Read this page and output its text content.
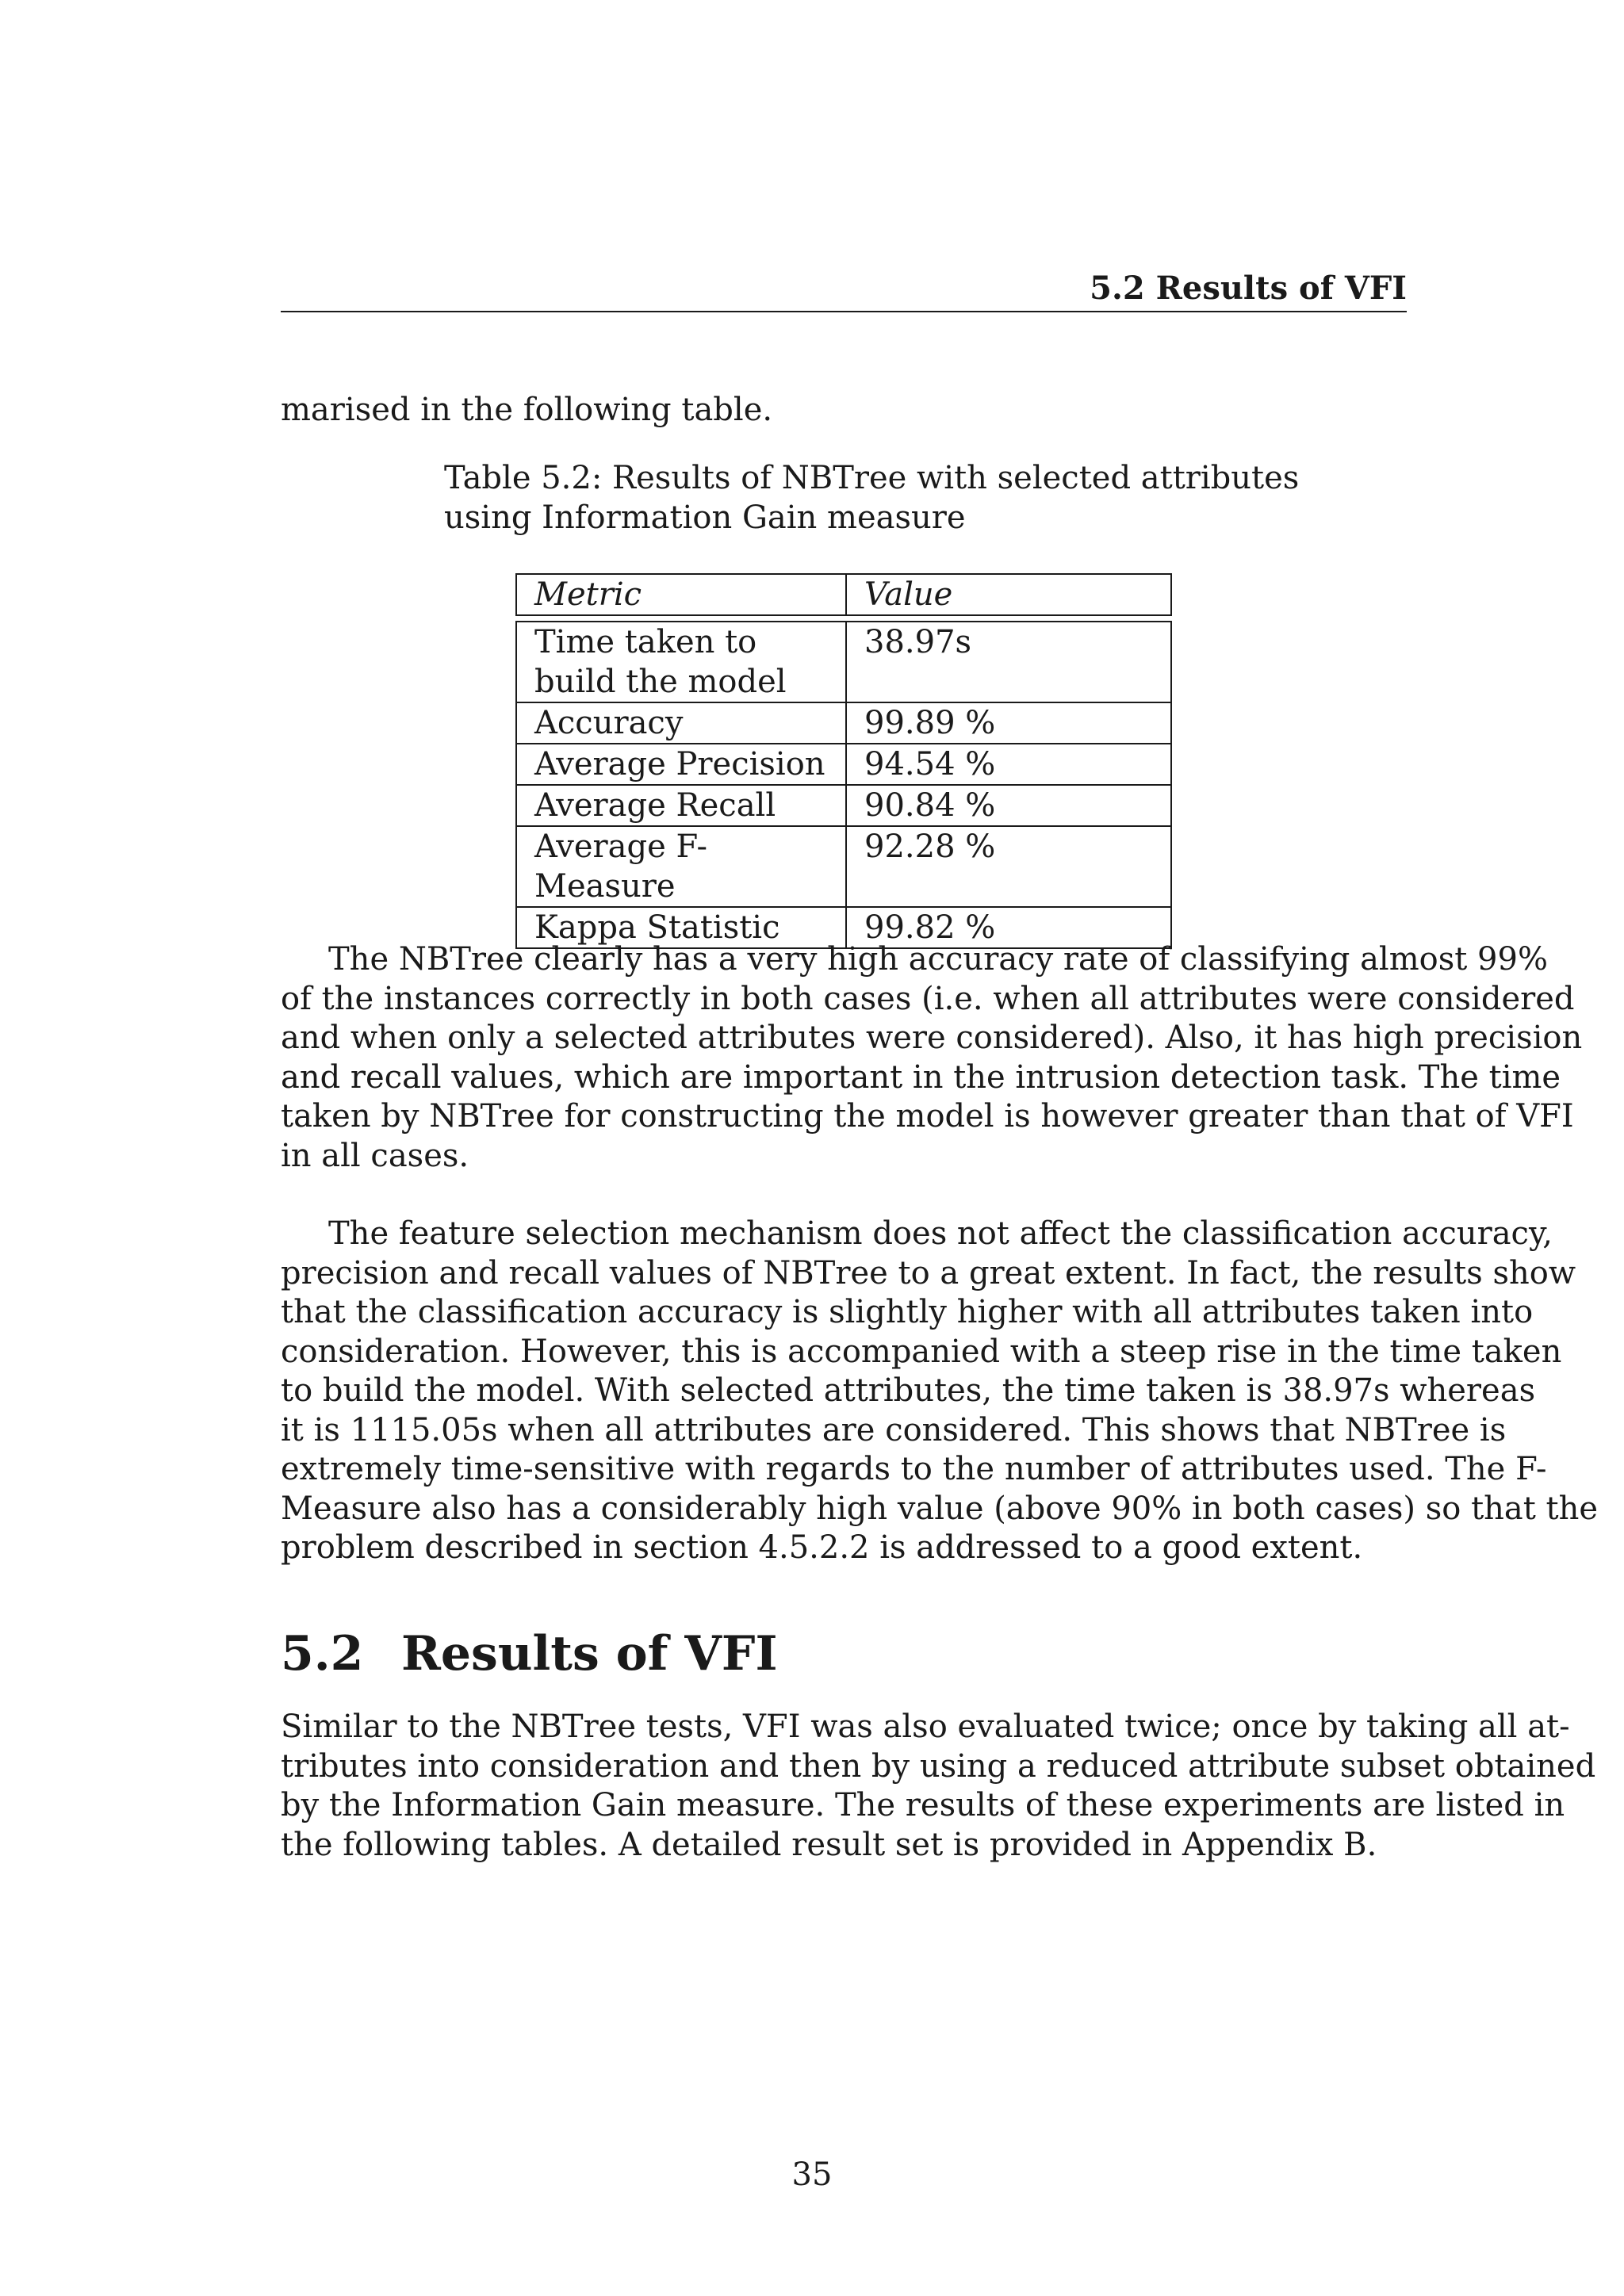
5.2 Results of VFI
marised in the following table.
Table 5.2: Results of NBTree with selected attributes
using Information Gain measure
Metric	Value

Time taken to build the model	38.97s
Accuracy	99.89 %
Average Precision	94.54 %
Average Recall	90.84 %
Average F-Measure	92.28 %
Kappa Statistic	99.82 %
The NBTree clearly has a very high accuracy rate of classifying almost 99%
of the instances correctly in both cases (i.e. when all attributes were considered
and when only a selected attributes were considered). Also, it has high precision
and recall values, which are important in the intrusion detection task. The time
taken by NBTree for constructing the model is however greater than that of VFI
in all cases.
The feature selection mechanism does not affect the classification accuracy,
precision and recall values of NBTree to a great extent. In fact, the results show
that the classification accuracy is slightly higher with all attributes taken into
consideration. However, this is accompanied with a steep rise in the time taken
to build the model. With selected attributes, the time taken is 38.97s whereas
it is 1115.05s when all attributes are considered. This shows that NBTree is
extremely time-sensitive with regards to the number of attributes used. The F-
Measure also has a considerably high value (above 90% in both cases) so that the
problem described in section 4.5.2.2 is addressed to a good extent.
5.2 Results of VFI
Similar to the NBTree tests, VFI was also evaluated twice; once by taking all at-
tributes into consideration and then by using a reduced attribute subset obtained
by the Information Gain measure. The results of these experiments are listed in
the following tables. A detailed result set is provided in Appendix B.
35
